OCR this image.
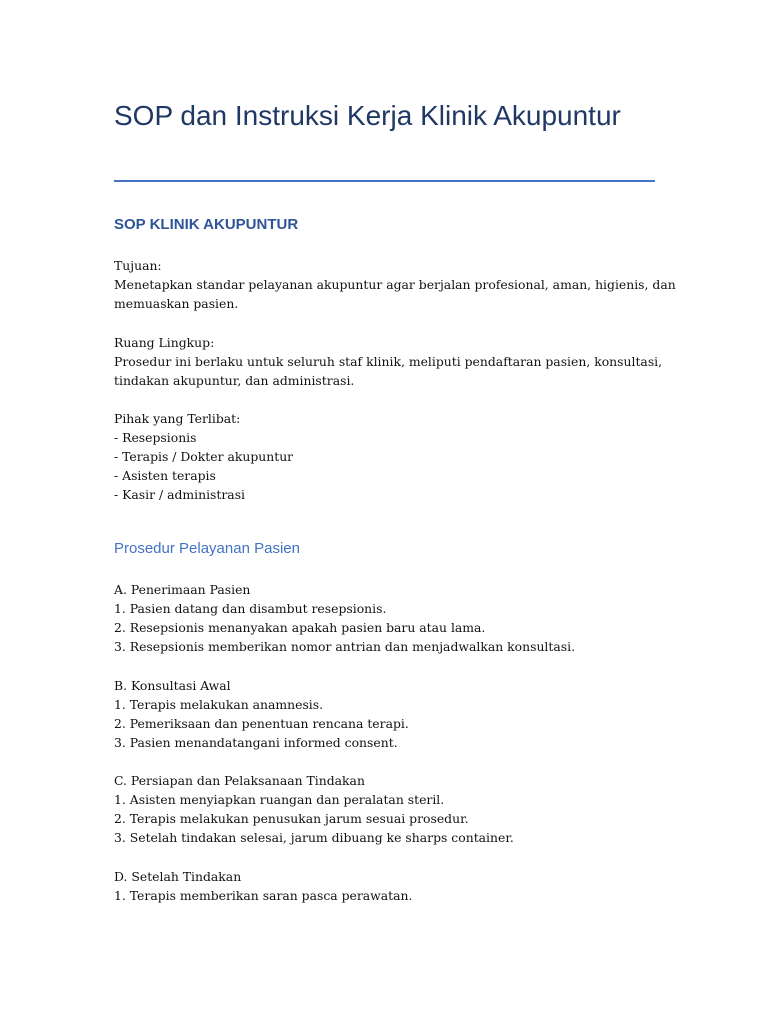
SOP dan Instruksi Kerja Klinik Akupuntur
SOP KLINIK AKUPUNTUR
Tujuan:
Menetapkan standar pelayanan akupuntur agar berjalan profesional, aman, higienis, dan
memuaskan pasien.
Ruang Lingkup:
Prosedur ini berlaku untuk seluruh staf klinik, meliputi pendaftaran pasien, konsultasi,
tindakan akupuntur, dan administrasi.
Pihak yang Terlibat:
- Resepsionis
- Terapis / Dokter akupuntur
- Asisten terapis
- Kasir / administrasi
Prosedur Pelayanan Pasien
A. Penerimaan Pasien
1. Pasien datang dan disambut resepsionis.
2. Resepsionis menanyakan apakah pasien baru atau lama.
3. Resepsionis memberikan nomor antrian dan menjadwalkan konsultasi.
B. Konsultasi Awal
1. Terapis melakukan anamnesis.
2. Pemeriksaan dan penentuan rencana terapi.
3. Pasien menandatangani informed consent.
C. Persiapan dan Pelaksanaan Tindakan
1. Asisten menyiapkan ruangan dan peralatan steril.
2. Terapis melakukan penusukan jarum sesuai prosedur.
3. Setelah tindakan selesai, jarum dibuang ke sharps container.
D. Setelah Tindakan
1. Terapis memberikan saran pasca perawatan.
